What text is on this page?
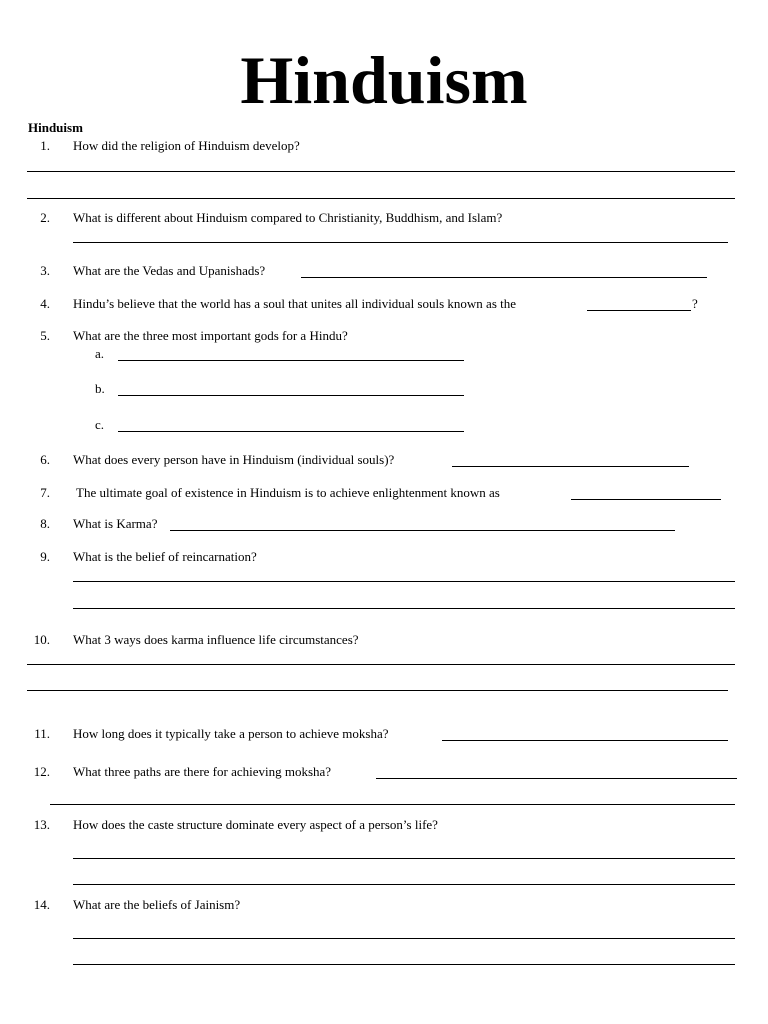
Hinduism
Hinduism
1. How did the religion of Hinduism develop?
2. What is different about Hinduism compared to Christianity, Buddhism, and Islam?
3. What are the Vedas and Upanishads?
4. Hindu’s believe that the world has a soul that unites all individual souls known as the	?
5. What are the three most important gods for a Hindu?
a.
b.
c.
6. What does every person have in Hinduism (individual souls)?
7. The ultimate goal of existence in Hinduism is to achieve enlightenment known as
8. What is Karma?
9. What is the belief of reincarnation?
10. What 3 ways does karma influence life circumstances?
11. How long does it typically take a person to achieve moksha?
12. What three paths are there for achieving moksha?
13. How does the caste structure dominate every aspect of a person’s life?
14. What are the beliefs of Jainism?
